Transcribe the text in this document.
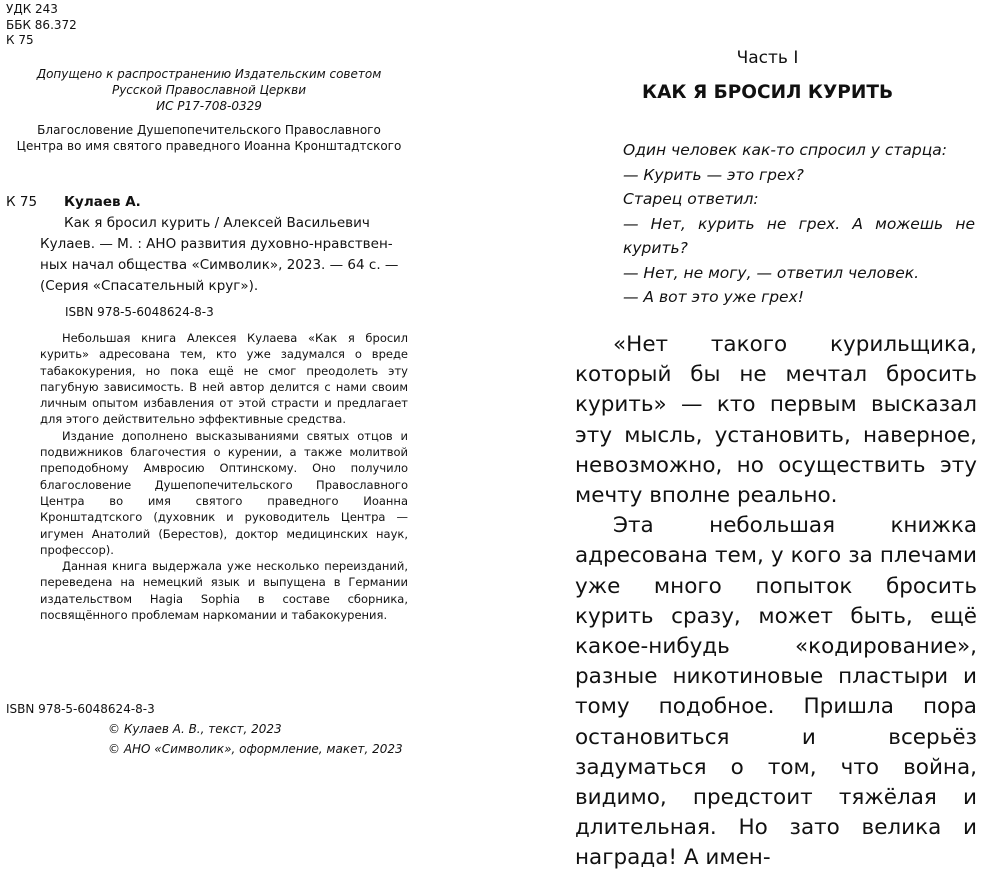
УДК 243
ББК 86.372
К 75
Допущено к распространению Издательским советом
Русской Православной Церкви
ИС Р17-708-0329
Благословение Душепопечительского Православного
Центра во имя святого праведного Иоанна Кронштадтского
К 75 Кулаев А.

Как я бросил курить / Алексей Васильевич

Кулаев. — М. : АНО развития духовно-нравствен-

ных начал общества «Символик», 2023. — 64 с. —

(Серия «Спасательный круг»).

ISBN 978-5-6048624-8-3

Небольшая книга Алексея Кулаева «Как я бросил курить» адресована тем, кто уже задумался о вреде табакокурения, но пока ещё не смог преодолеть эту пагубную зависимость. В ней автор делится с нами своим личным опытом избавления от этой страсти и предлагает для этого действительно эффективные средства.

Издание дополнено высказываниями святых отцов и подвижников благочестия о курении, а также молитвой преподобному Амвросию Оптинскому. Оно получило благословение Душепопечительского Православного Центра во имя святого праведного Иоанна Кронштадтского (духовник и руководитель Центра — игумен Анатолий (Берестов), доктор медицинских наук, профессор).

Данная книга выдержала уже несколько переизданий, переведена на немецкий язык и выпущена в Германии издательством Hagia Sophia в составе сборника, посвящённого проблемам наркомании и табакокурения.

ISBN 978-5-6048624-8-3
© Кулаев А. В., текст, 2023
© АНО «Символик», оформление, макет, 2023
Часть I
КАК Я БРОСИЛ КУРИТЬ

Один человек как-то спросил у старца:

— Курить — это грех?

Старец ответил:

— Нет, курить не грех. А можешь не курить?

— Нет, не могу, — ответил человек.

— А вот это уже грех!

«Нет такого курильщика, который бы не мечтал бросить курить» — кто первым высказал эту мысль, установить, наверное, невозможно, но осуществить эту мечту вполне реально.

Эта небольшая книжка адресована тем, у кого за плечами уже много попыток бросить курить сразу, может быть, ещё какое-нибудь «кодирование», разные никотиновые пластыри и тому подобное. Пришла пора остановиться и всерьёз задуматься о том, что война, видимо, предстоит тяжёлая и длительная. Но зато велика и награда! А имен-
